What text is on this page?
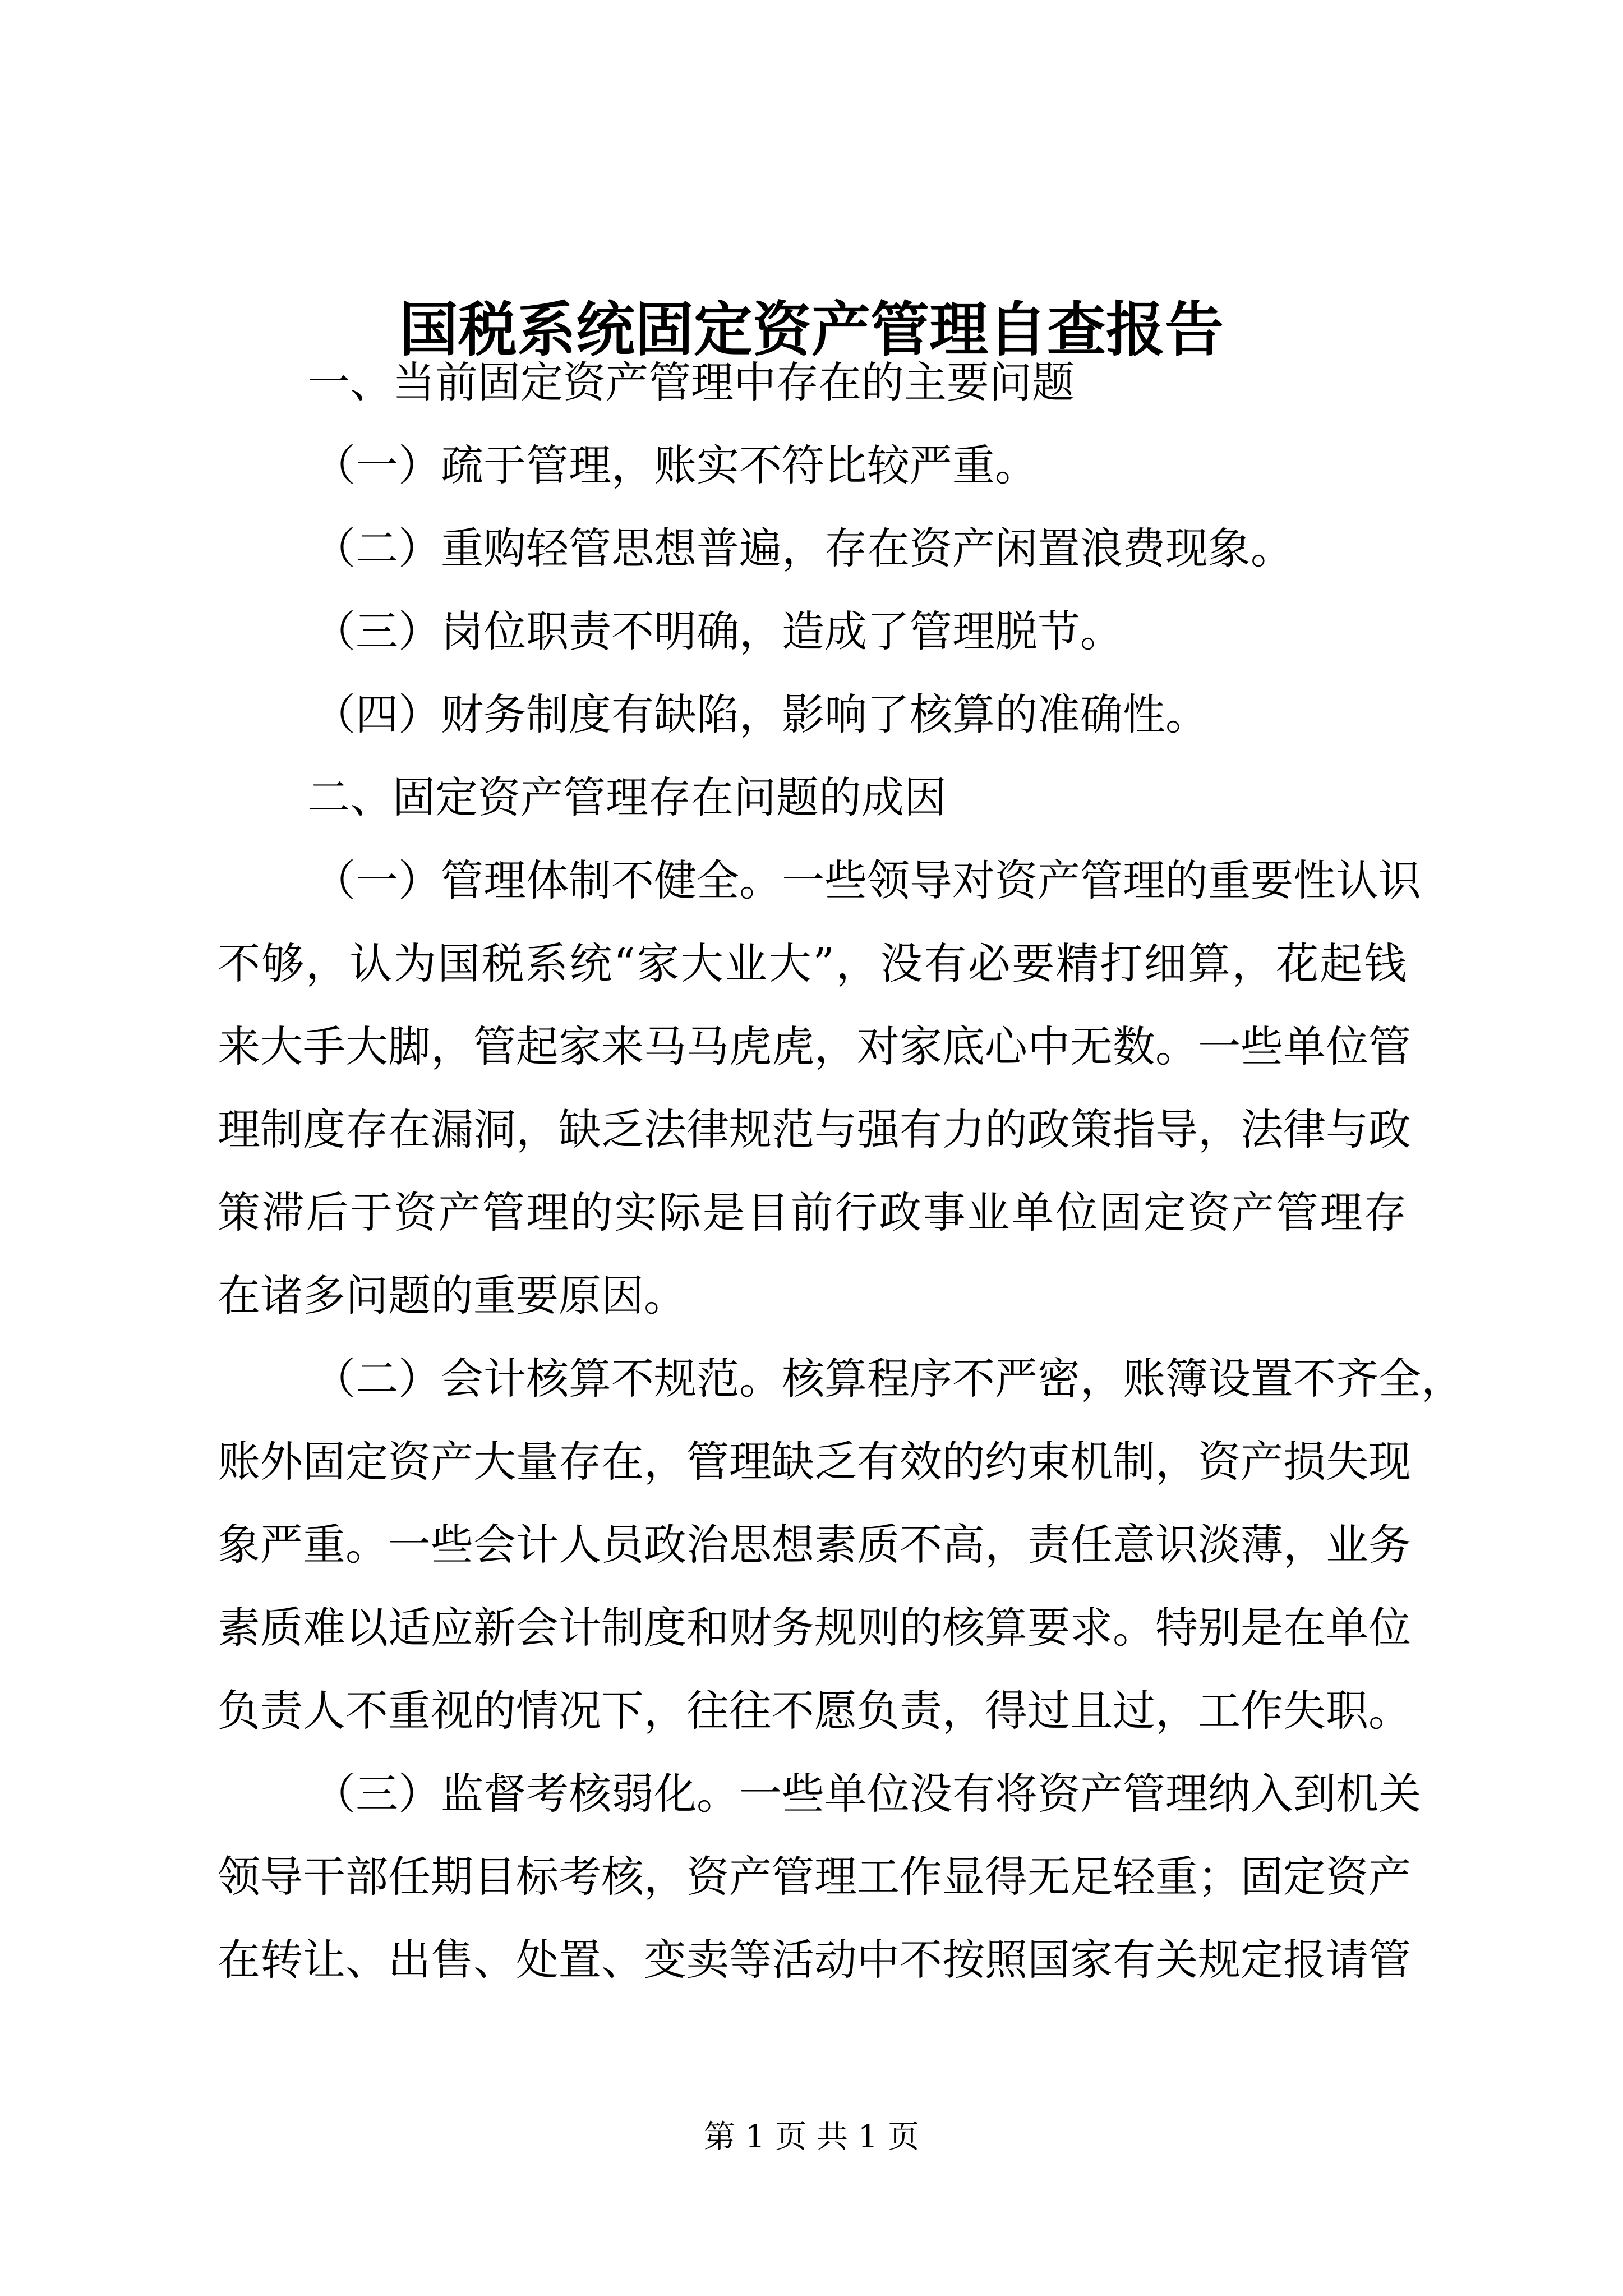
国税系统固定资产管理自查报告
一、当前固定资产管理中存在的主要问题
（一）疏于管理，账实不符比较严重。
（二）重购轻管思想普遍，存在资产闲置浪费现象。
（三）岗位职责不明确，造成了管理脱节。
（四）财务制度有缺陷，影响了核算的准确性。
二、固定资产管理存在问题的成因
（一）管理体制不健全。一些领导对资产管理的重要性认识
不够，认为国税系统“家大业大”，没有必要精打细算，花起钱
来大手大脚，管起家来马马虎虎，对家底心中无数。一些单位管
理制度存在漏洞，缺乏法律规范与强有力的政策指导，法律与政
策滞后于资产管理的实际是目前行政事业单位固定资产管理存
在诸多问题的重要原因。
（二）会计核算不规范。核算程序不严密，账簿设置不齐全，
账外固定资产大量存在，管理缺乏有效的约束机制，资产损失现
象严重。一些会计人员政治思想素质不高，责任意识淡薄，业务
素质难以适应新会计制度和财务规则的核算要求。特别是在单位
负责人不重视的情况下，往往不愿负责，得过且过，工作失职。
（三）监督考核弱化。一些单位没有将资产管理纳入到机关
领导干部任期目标考核，资产管理工作显得无足轻重；固定资产
在转让、出售、处置、变卖等活动中不按照国家有关规定报请管
第 1 页 共 1 页
